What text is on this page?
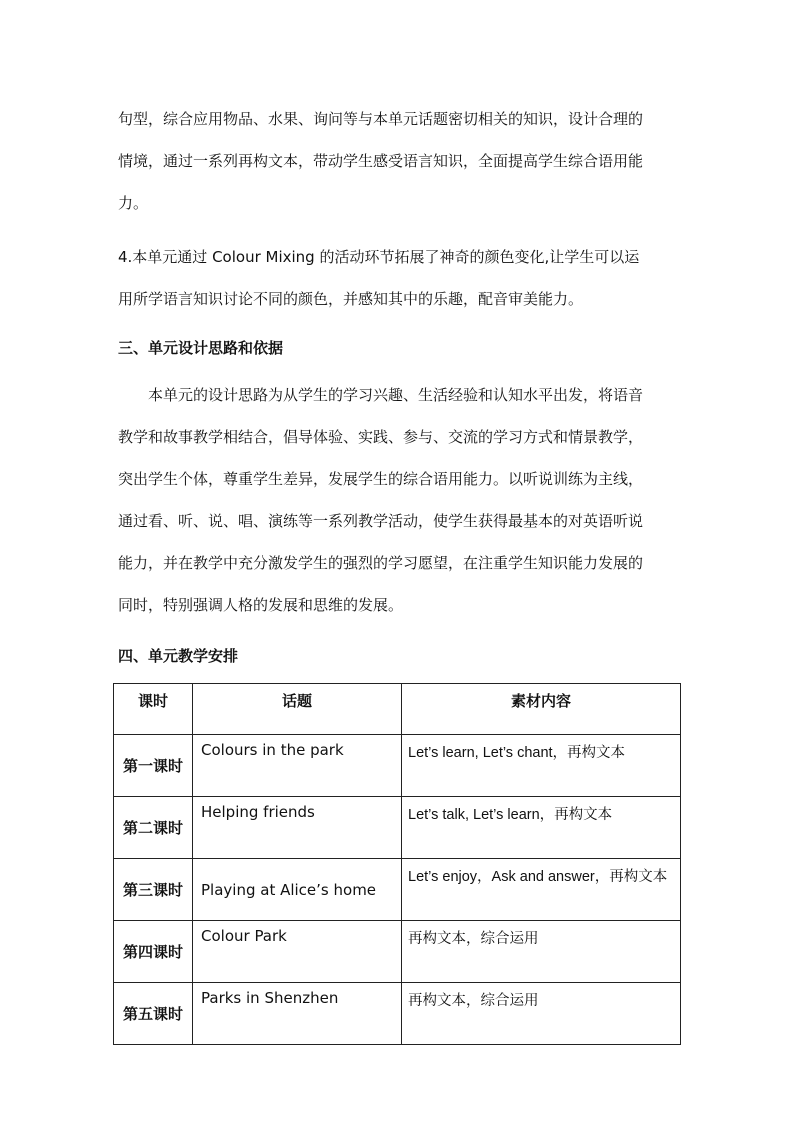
句型，综合应用物品、水果、询问等与本单元话题密切相关的知识，设计合理的

情境，通过一系列再构文本，带动学生感受语言知识，全面提高学生综合语用能

力。

4.本单元通过 Colour Mixing 的活动环节拓展了神奇的颜色变化,让学生可以运

用所学语言知识讨论不同的颜色，并感知其中的乐趣，配音审美能力。

三、单元设计思路和依据

　　本单元的设计思路为从学生的学习兴趣、生活经验和认知水平出发，将语音

教学和故事教学相结合，倡导体验、实践、参与、交流的学习方式和情景教学，

突出学生个体，尊重学生差异，发展学生的综合语用能力。以听说训练为主线，

通过看、听、说、唱、演练等一系列教学活动，使学生获得最基本的对英语听说

能力，并在教学中充分激发学生的强烈的学习愿望，在注重学生知识能力发展的

同时，特别强调人格的发展和思维的发展。

四、单元教学安排
课时	话题	素材内容
第一课时	Colours in the park	Let’s learn, Let’s chant，再构文本
第二课时	Helping friends	Let’s talk, Let’s learn，再构文本
第三课时	Playing at Alice’s home	Let’s enjoy，Ask and answer，再构文本
第四课时	Colour Park	再构文本，综合运用
第五课时	Parks in Shenzhen	再构文本，综合运用
